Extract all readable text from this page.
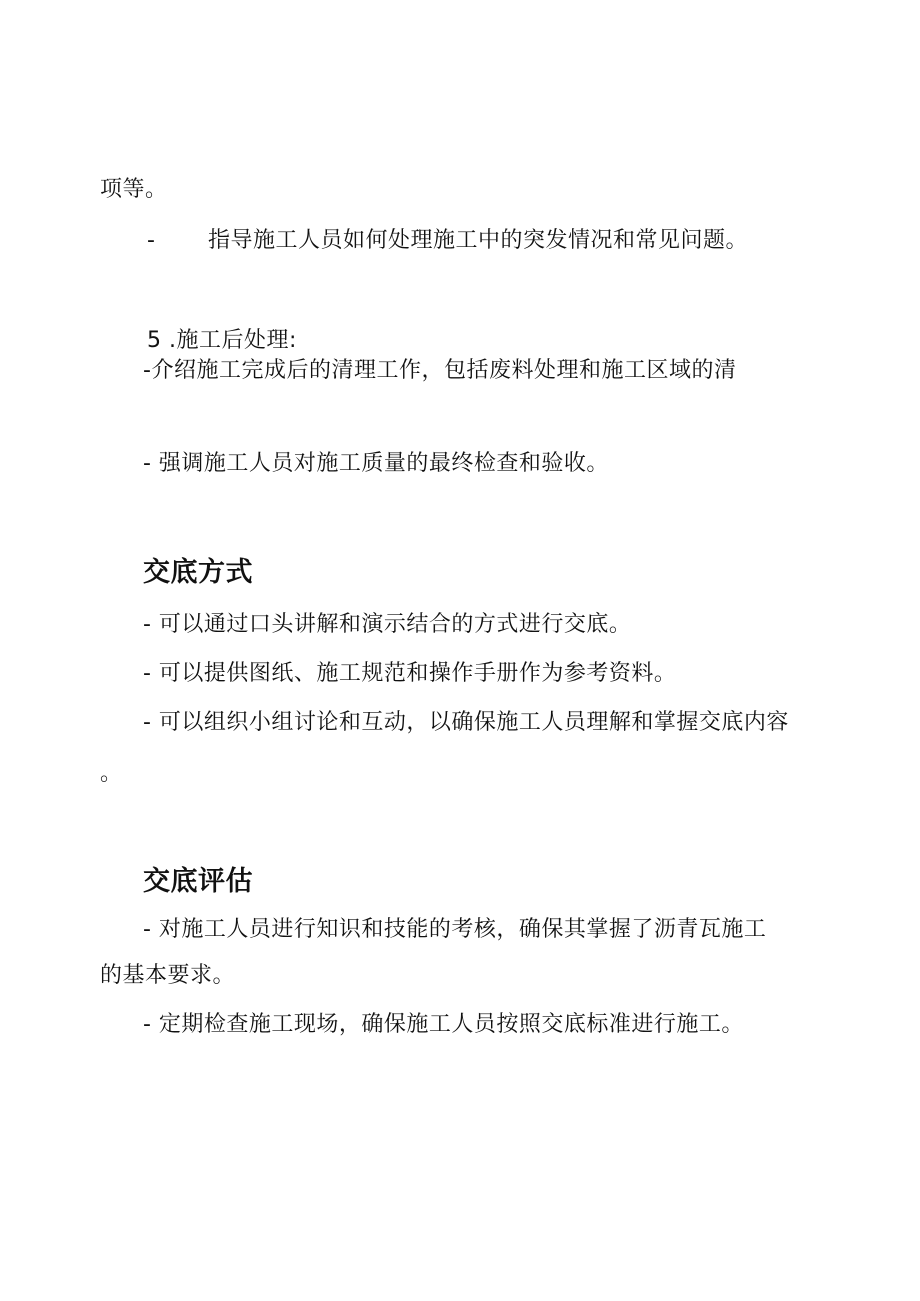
项等。
- 指导施工人员如何处理施工中的突发情况和常见问题。
5 .施工后处理:
-介绍施工完成后的清理工作，包括废料处理和施工区域的清
- 强调施工人员对施工质量的最终检查和验收。
交底方式
- 可以通过口头讲解和演示结合的方式进行交底。
- 可以提供图纸、施工规范和操作手册作为参考资料。
- 可以组织小组讨论和互动，以确保施工人员理解和掌握交底内容
。
交底评估
- 对施工人员进行知识和技能的考核，确保其掌握了沥青瓦施工
的基本要求。
- 定期检查施工现场，确保施工人员按照交底标准进行施工。
